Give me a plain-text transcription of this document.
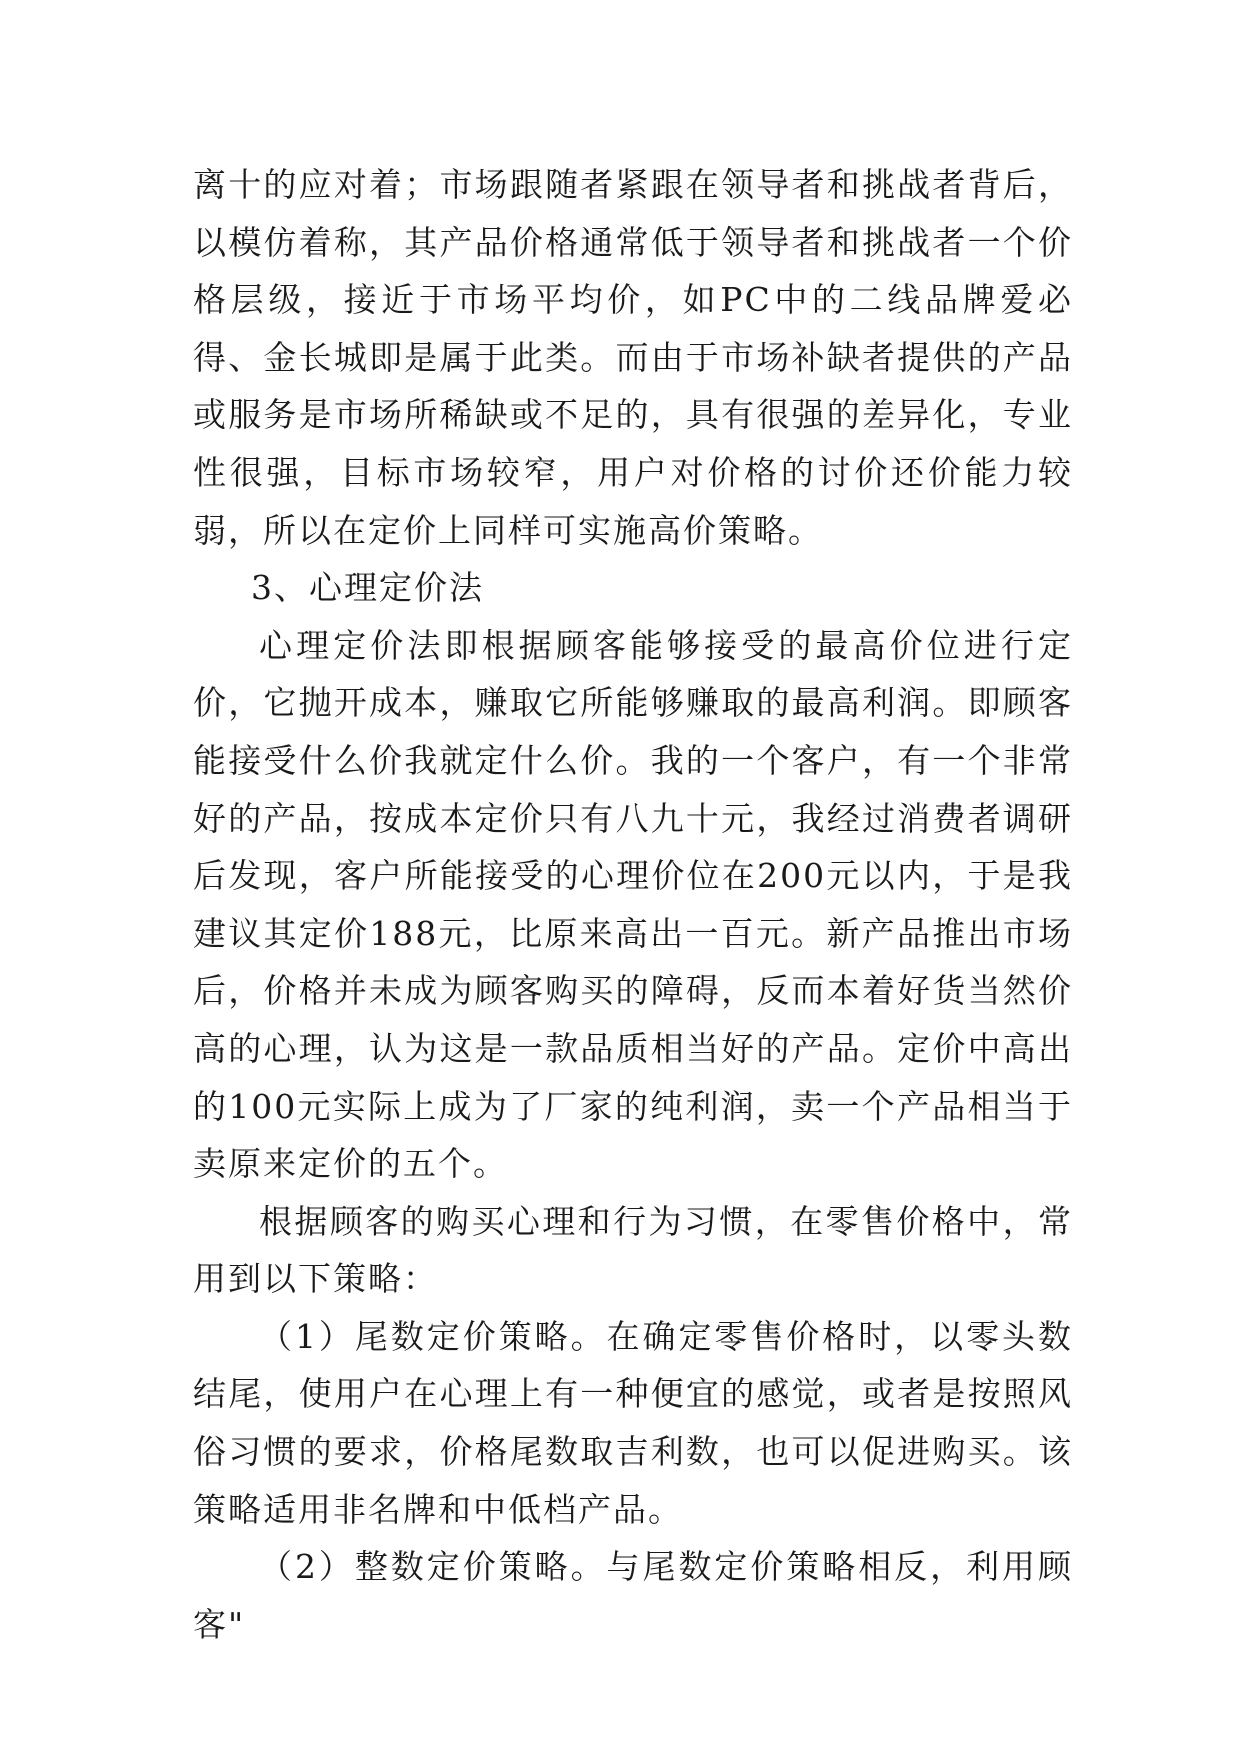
离十的应对着；市场跟随者紧跟在领导者和挑战者背后，以模仿着称，其产品价格通常低于领导者和挑战者一个价格层级，接近于市场平均价，如PC中的二线品牌爱必得、金长城即是属于此类。而由于市场补缺者提供的产品或服务是市场所稀缺或不足的，具有很强的差异化，专业性很强，目标市场较窄，用户对价格的讨价还价能力较弱，所以在定价上同样可实施高价策略。

3、心理定价法

心理定价法即根据顾客能够接受的最高价位进行定价，它抛开成本，赚取它所能够赚取的最高利润。即顾客能接受什么价我就定什么价。我的一个客户，有一个非常好的产品，按成本定价只有八九十元，我经过消费者调研后发现，客户所能接受的心理价位在200元以内，于是我建议其定价188元，比原来高出一百元。新产品推出市场后，价格并未成为顾客购买的障碍，反而本着好货当然价高的心理，认为这是一款品质相当好的产品。定价中高出的100元实际上成为了厂家的纯利润，卖一个产品相当于卖原来定价的五个。

根据顾客的购买心理和行为习惯，在零售价格中，常用到以下策略：

（1）尾数定价策略。在确定零售价格时，以零头数结尾，使用户在心理上有一种便宜的感觉，或者是按照风俗习惯的要求，价格尾数取吉利数，也可以促进购买。该策略适用非名牌和中低档产品。

（2）整数定价策略。与尾数定价策略相反，利用顾客"
